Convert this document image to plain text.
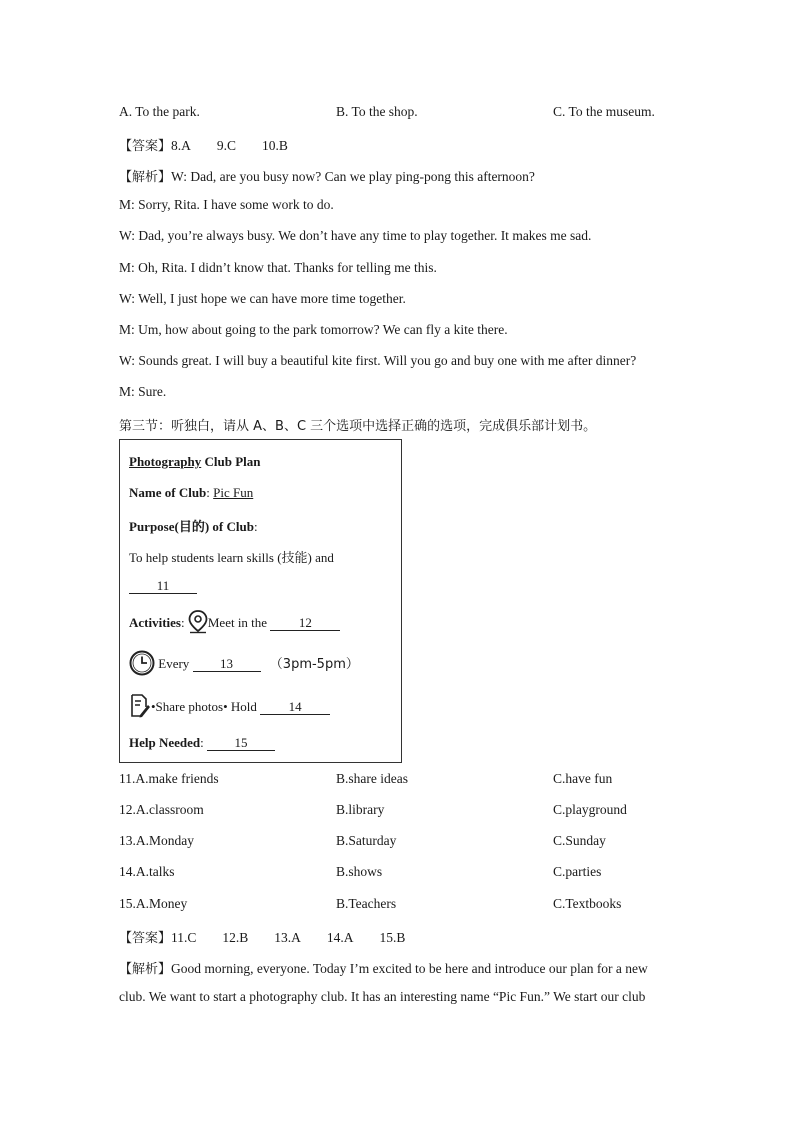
A. To the park.	B. To the shop.	C. To the museum.
【答案】8.A 9.C 10.B
【解析】W: Dad, are you busy now? Can we play ping-pong this afternoon?
M: Sorry, Rita. I have some work to do.
W: Dad, you’re always busy. We don’t have any time to play together. It makes me sad.
M: Oh, Rita. I didn’t know that. Thanks for telling me this.
W: Well, I just hope we can have more time together.
M: Um, how about going to the park tomorrow? We can fly a kite there.
W: Sounds great. I will buy a beautiful kite first. Will you go and buy one with me after dinner?
M: Sure.
第三节：听独白，请从 A、B、C 三个选项中选择正确的选项，完成俱乐部计划书。
Photography Club Plan
Name of Club: Pic Fun
Purpose(目的) of Club:
To help students learn skills (技能) and
11
Activities: Meet in the 12
Every 13	（3pm-5pm）
•Share photos• Hold 14
Help Needed: 15
11.A.make friends	B.share ideas	C.have fun
12.A.classroom	B.library	C.playground
13.A.Monday	B.Saturday	C.Sunday
14.A.talks	B.shows	C.parties
15.A.Money	B.Teachers	C.Textbooks
【答案】11.C 12.B 13.A 14.A 15.B
【解析】Good morning, everyone. Today I’m excited to be here and introduce our plan for a new
club. We want to start a photography club. It has an interesting name “Pic Fun.” We start our club
